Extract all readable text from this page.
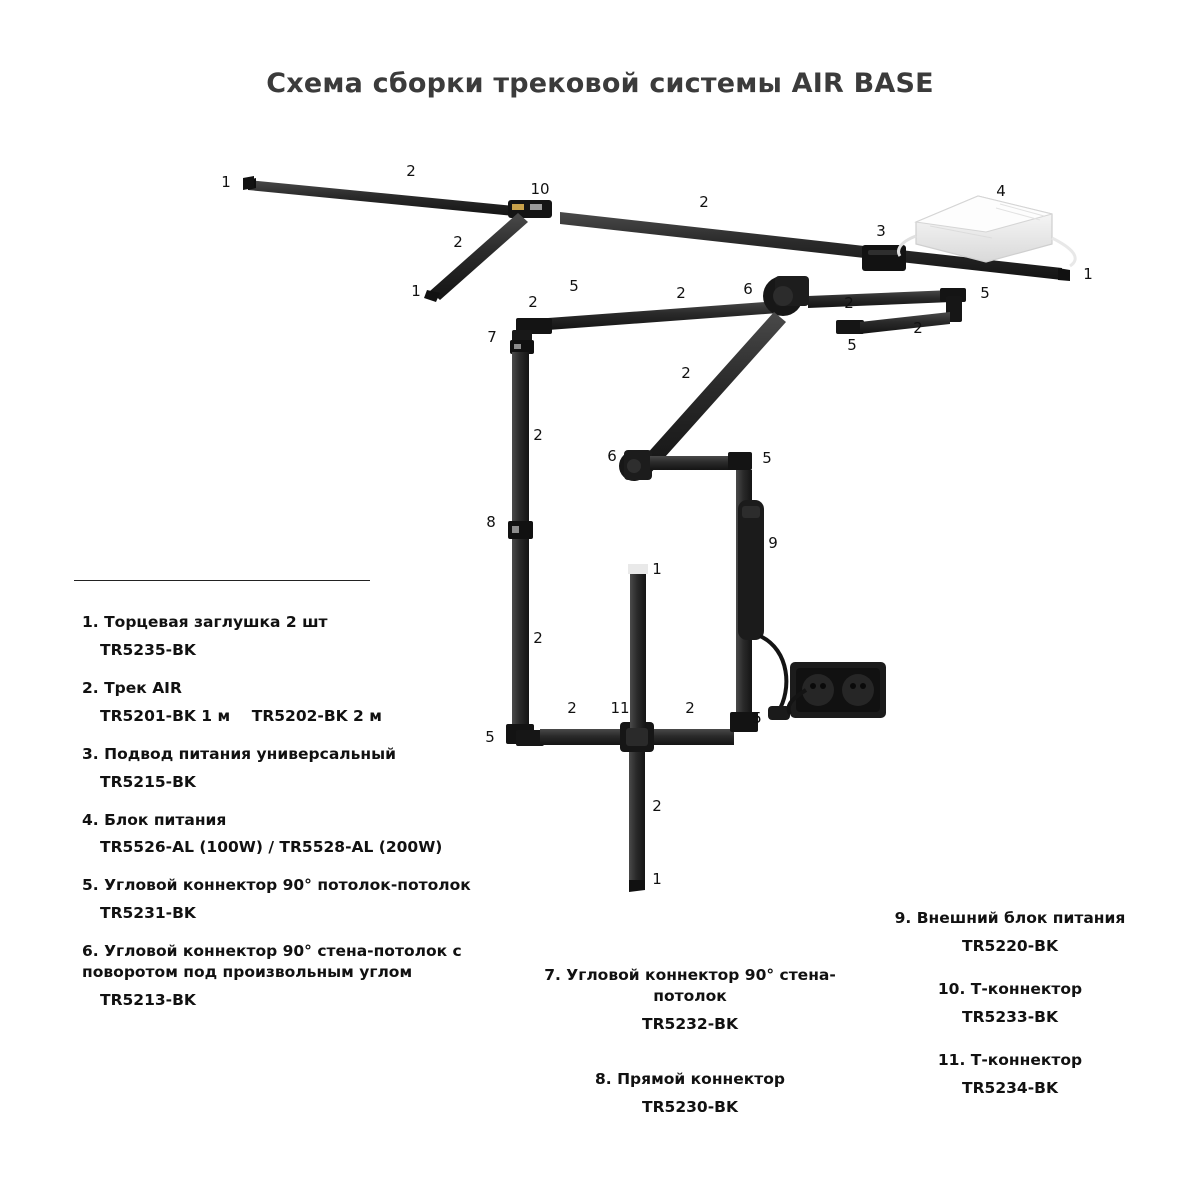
Схема сборки трековой системы AIR BASE
1
2
10
2
4
3
2
1
1
2
5	2	6
2
5
2
5
7
2
2
6	5
8
9
1
2
2 11	2
5
5
2
1
1. Торцевая заглушка 2 шт
TR5235-BK
2. Трек AIR
TR5201-BK 1 м TR5202-BK 2 м
3. Подвод питания универсальный
TR5215-BK
4. Блок питания
TR5526-AL (100W) / TR5528-AL (200W)
5. Угловой коннектор 90° потолок-потолок
TR5231-BK
6. Угловой коннектор 90° стена-потолок с поворотом под произвольным углом
TR5213-BK
7. Угловой коннектор 90° стена-потолок
TR5232-BK
8. Прямой коннектор
TR5230-BK
9. Внешний блок питания
TR5220-BK
10. Т-коннектор
TR5233-BK
11. Т-коннектор
TR5234-BK
